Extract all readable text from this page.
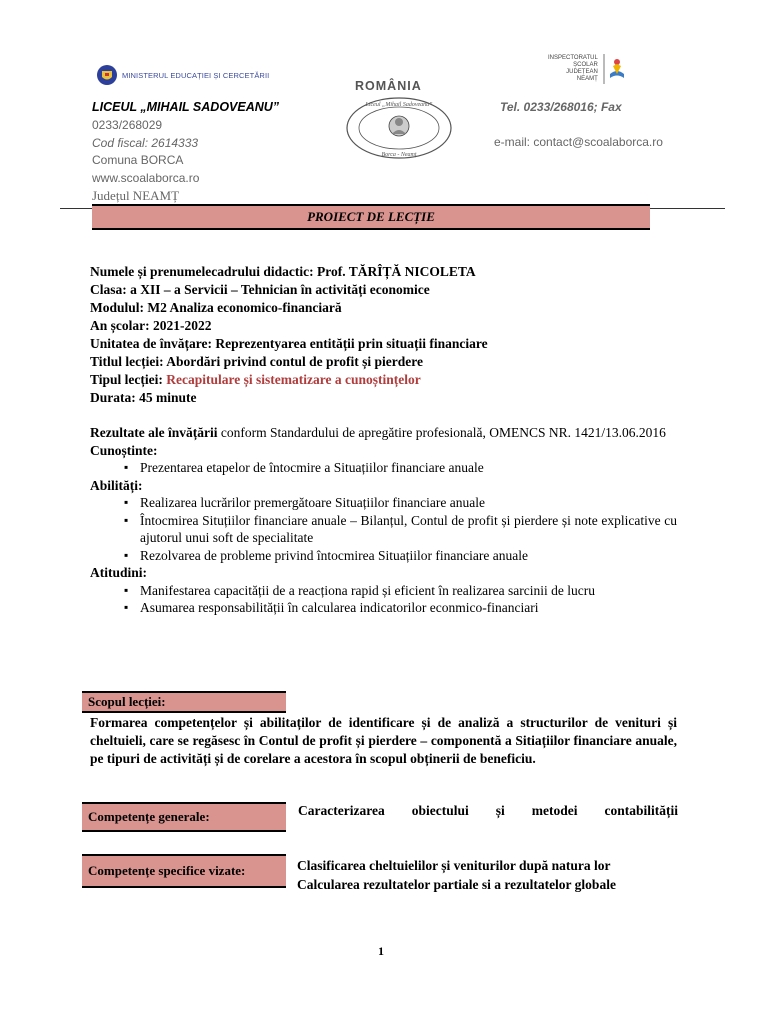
MINISTERUL EDUCAȚIEI ȘI CERCETĂRII
ROMÂNIA
INSPECTORATUL
ȘCOLAR
JUDEȚEAN
NEAMȚ
Liceul „Mihail Sadoveanu”
Borca - Neamț
LICEUL „MIHAIL SADOVEANU”
0233/268029
Cod fiscal: 2614333
Comuna BORCA
www.scoalaborca.ro
Județul NEAMȚ
Tel. 0233/268016; Fax
e-mail: contact@scoalaborca.ro
PROIECT DE LECȚIE
Numele și prenumelecadrului didactic: Prof. TĂRÎȚĂ NICOLETA
Clasa: a XII – a Servicii – Tehnician în activități economice
Modulul: M2 Analiza economico-financiară
An școlar: 2021-2022
Unitatea de învățare: Reprezentyarea entității prin situații financiare
Titlul lecției: Abordări privind contul de profit și pierdere
Tipul lecției: Recapitulare și sistematizare a cunoștințelor
Durata: 45 minute
Rezultate ale învățării conform Standardului de apregătire profesională, OMENCS NR. 1421/13.06.2016
Cunoștinte:
▪ Prezentarea etapelor de întocmire a Situațiilor financiare anuale
Abilități:
▪ Realizarea lucrărilor premergătoare Situațiilor financiare anuale
▪ Întocmirea Situțiilor financiare anuale – Bilanțul, Contul de profit și pierdere și note explicative cu ajutorul unui soft de specialitate
▪ Rezolvarea de probleme privind întocmirea Situațiilor financiare anuale
Atitudini:
▪ Manifestarea capacității de a reacționa rapid și eficient în realizarea sarcinii de lucru
▪ Asumarea responsabilității în calcularea indicatorilor econmico-financiari
Scopul lecției:
Formarea competențelor și abilitaților de identificare și de analiză a structurilor de venituri și cheltuieli, care se regăsesc în Contul de profit și pierdere – componentă a Sitiațiilor financiare anuale, pe tipuri de activități și de corelare a acestora în scopul obținerii de beneficiu.
Competențe generale:	Caracterizarea obiectului și metodei contabilității
Competențe specifice vizate:	Clasificarea cheltuielilor și veniturilor după natura lor
Calcularea rezultatelor partiale si a rezultatelor globale
1
